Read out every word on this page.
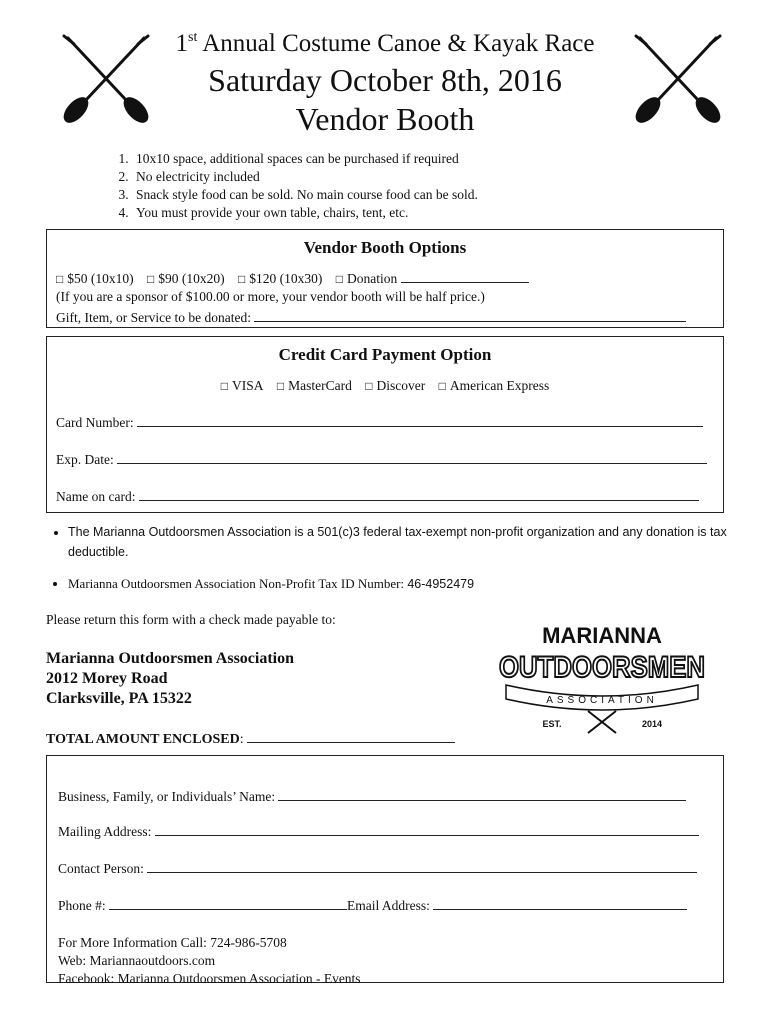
1st Annual Costume Canoe & Kayak Race
Saturday October 8th, 2016
Vendor Booth
1. 10x10 space, additional spaces can be purchased if required
2. No electricity included
3. Snack style food can be sold. No main course food can be sold.
4. You must provide your own table, chairs, tent, etc.
Vendor Booth Options
□ $50 (10x10) □ $90 (10x20) □ $120 (10x30) □ Donation
(If you are a sponsor of $100.00 or more, your vendor booth will be half price.)
Gift, Item, or Service to be donated:
Credit Card Payment Option
□ VISA □ MasterCard □ Discover □ American Express
Card Number:
Exp. Date:
Name on card:
• The Marianna Outdoorsmen Association is a 501(c)3 federal tax-exempt non-profit organization and any donation is tax deductible.
• Marianna Outdoorsmen Association Non-Profit Tax ID Number: 46-4952479
Please return this form with a check made payable to:
Marianna Outdoorsmen Association
2012 Morey Road
Clarksville, PA 15322
MARIANNA
OUTDOORSMEN
ASSOCIATION
EST.	2014
TOTAL AMOUNT ENCLOSED:
Business, Family, or Individuals’ Name:
Mailing Address:
Contact Person:
Phone #:	Email Address:
For More Information Call: 724-986-5708
Web: Mariannaoutdoors.com
Facebook: Marianna Outdoorsmen Association - Events
